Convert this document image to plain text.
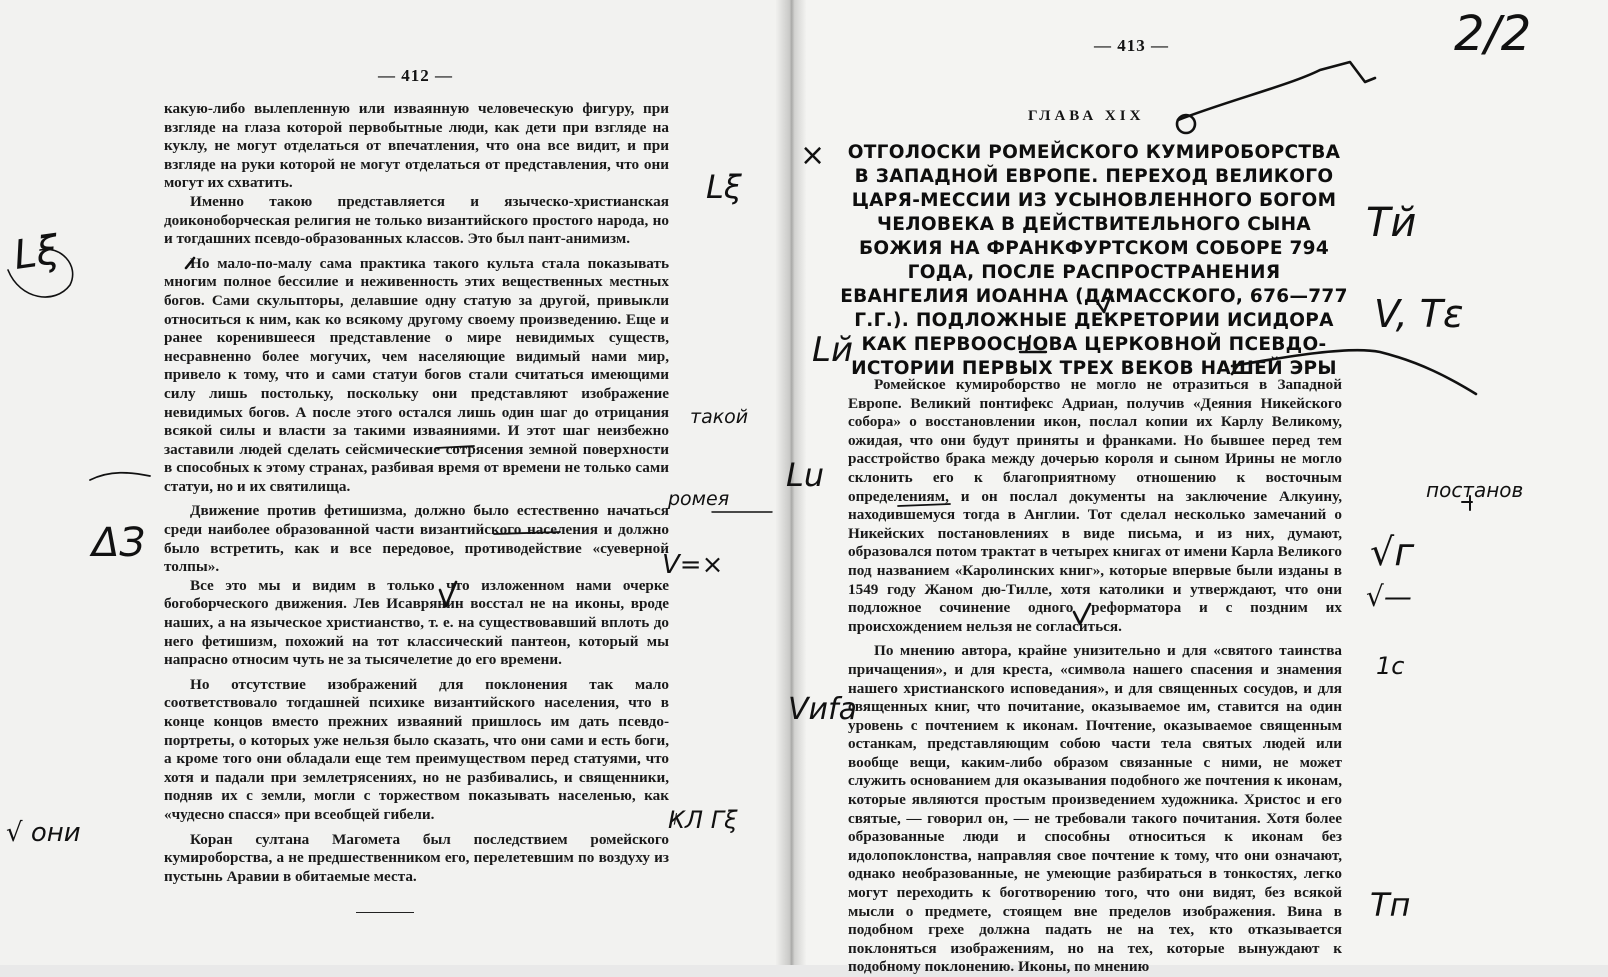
— 412 —

какую-либо вылепленную или изваянную человеческую фигуру, при взгляде на глаза которой первобытные люди, как дети при взгляде на куклу, не могут отделаться от впечатления, что она все видит, и при взгляде на руки которой не могут отделаться от представления, что они могут их схватить.

Именно такою представляется и языческо-христианская доиконоборческая религия не только византийского простого народа, но и тогдашних псевдо-образованных классов. Это был пант-анимизм.

Но мало-по-малу сама практика такого культа стала показывать многим полное бессилие и неживенность этих вещественных местных богов. Сами скульпторы, делавшие одну статую за другой, привыкли относиться к ним, как ко всякому другому своему произведению. Еще и ранее коренившееся представление о мире невидимых существ, несравненно более могучих, чем населяющие видимый нами мир, привело к тому, что и сами статуи богов стали считаться имеющими силу лишь постольку, поскольку они представляют изображение невидимых богов. А после этого остался лишь один шаг до отрицания всякой силы и власти за такими изваяниями. И этот шаг неизбежно заставили людей сделать сейсмические сотрясения земной поверхности в способных к этому странах, разбивая время от времени не только сами статуи, но и их святилища.

Движение против фетишизма, должно было естественно начаться среди наиболее образованной части византийского населения и должно было встретить, как и все передовое, противодействие «суеверной толпы».

Все это мы и видим в только что изложенном нами очерке богоборческого движения. Лев Исаврянин восстал не на иконы, вроде наших, а на языческое христианство, т. е. на существовавший вплоть до него фетишизм, похожий на тот классический пантеон, который мы напрасно относим чуть не за тысячелетие до его времени.

Но отсутствие изображений для поклонения так мало соответствовало тогдашней психике византийского населения, что в конце концов вместо прежних изваяний пришлось им дать псевдо-портреты, о которых уже нельзя было сказать, что они сами и есть боги, а кроме того они обладали еще тем преимуществом перед статуями, что хотя и падали при землетрясениях, но не разбивались, и священники, подняв их с земли, могли с торжеством показывать населенью, как «чудесно спасся» при всеобщей гибели.

Коран султана Магомета был последствием ромейского кумироборства, а не предшественником его, перелетевшим по воздуху из пустынь Аравии в обитаемые места.

— 413 —
ГЛАВА XIX
ОТГОЛОСКИ РОМЕЙСКОГО КУМИРОБОРСТВА В ЗАПАДНОЙ ЕВРОПЕ. ПЕРЕХОД ВЕЛИКОГО ЦАРЯ-МЕССИИ ИЗ УСЫНОВЛЕННОГО БОГОМ ЧЕЛОВЕКА В ДЕЙСТВИТЕЛЬНОГО СЫНА БОЖИЯ НА ФРАНКФУРТСКОМ СОБОРЕ 794 ГОДА, ПОСЛЕ РАСПРОСТРАНЕНИЯ ЕВАНГЕЛИЯ ИОАННА (ДАМАССКОГО, 676—777 Г.Г.). ПОДЛОЖНЫЕ ДЕКРЕТОРИИ ИСИДОРА КАК ПЕРВООСНОВА ЦЕРКОВНОЙ ПСЕВДО-ИСТОРИИ ПЕРВЫХ ТРЕХ ВЕКОВ НАШЕЙ ЭРЫ

Ромейское кумироборство не могло не отразиться в Западной Европе. Великий понтифекс Адриан, получив «Деяния Никейского собора» о восстановлении икон, послал копии их Карлу Великому, ожидая, что они будут приняты и франками. Но бывшее перед тем расстройство брака между дочерью короля и сыном Ирины не могло склонить его к благоприятному отношению к восточным определениям, и он послал документы на заключение Алкуину, находившемуся тогда в Англии. Тот сделал несколько замечаний о Никейских постановлениях в виде письма, и из них, думают, образовался потом трактат в четырех книгах от имени Карла Великого под названием «Каролинских книг», которые впервые были изданы в 1549 году Жаном дю-Тилле, хотя католики и утверждают, что они подложное сочинение одного реформатора и с поздним их происхождением нельзя не согласиться.

По мнению автора, крайне унизительно и для «святого таинства причащения», и для креста, «символа нашего спасения и знамения нашего христианского исповедания», и для священных сосудов, и для священных книг, что почитание, оказываемое им, ставится на один уровень с почтением к иконам. Почтение, оказываемое священным останкам, представляющим собою части тела святых людей или вообще вещи, каким-либо образом связанные с ними, не может служить основанием для оказывания подобного же почтения к иконам, которые являются простым произведением художника. Христос и его святые, — говорил он, — не требовали такого почитания. Хотя более образованные люди и способны относиться к иконам без идолопоклонства, направляя свое почтение к тому, что они означают, однако необразованные, не умеющие разбираться в тонкостях, легко могут переходить к боготворению того, что они видят, без всякой мысли о предмете, стоящем вне пределов изображения. Вина в подобном грехе должна падать не на тех, кто отказывается поклоняться изображениям, но на тех, которые вынуждают к подобному поклонению. Иконы, по мнению

Lξ
ΔЗ
√ они
Lξ
такой
ромея
V=×
ҜЛ Гξ
×
Lй
Lu
Vиfa
2/2
Тй
V, Тε
постанов
√г
√—
1с
Тп
